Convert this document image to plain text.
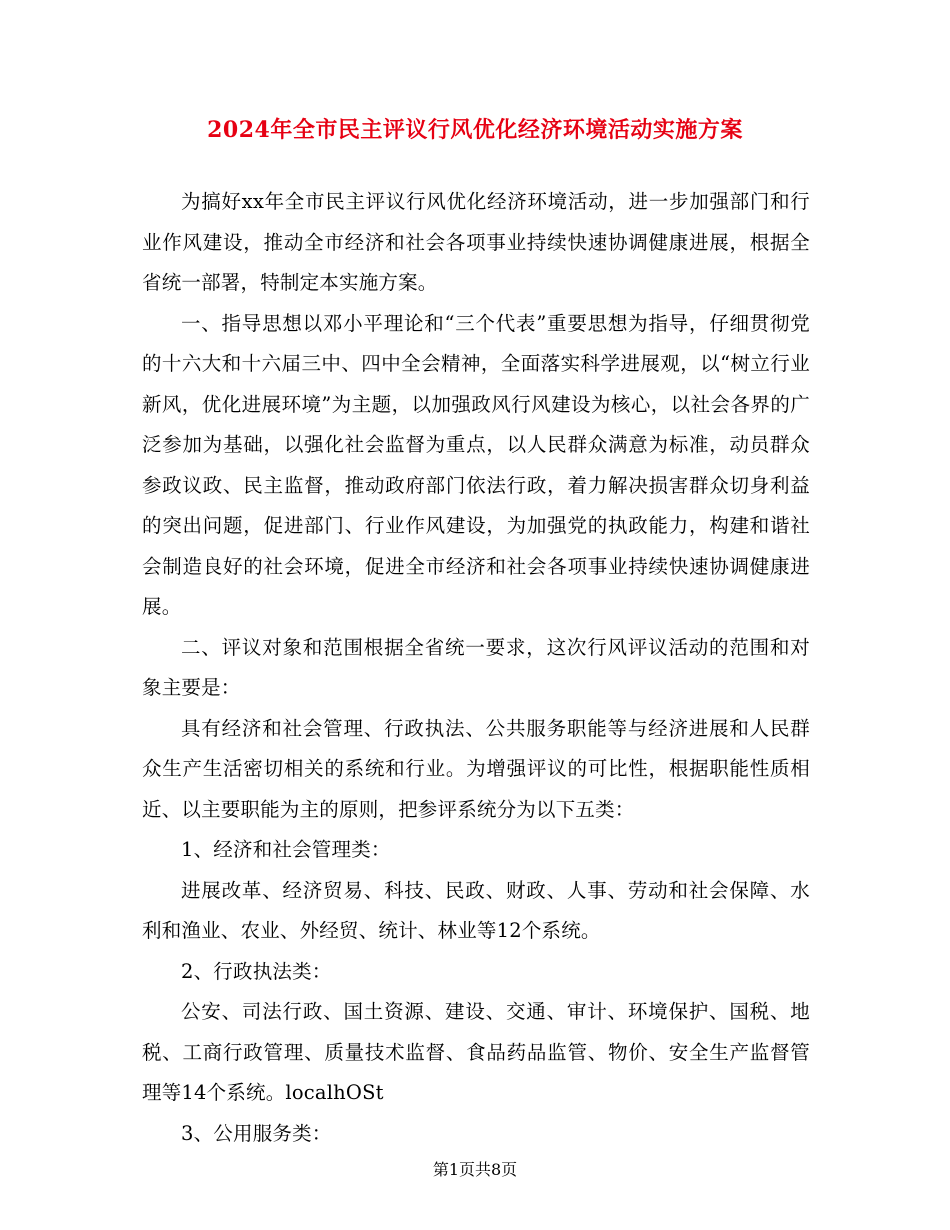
2024年全市民主评议行风优化经济环境活动实施方案

为搞好xx年全市民主评议行风优化经济环境活动，进一步加强部门和行业作风建设，推动全市经济和社会各项事业持续快速协调健康进展，根据全省统一部署，特制定本实施方案。

一、指导思想以邓小平理论和“三个代表”重要思想为指导，仔细贯彻党的十六大和十六届三中、四中全会精神，全面落实科学进展观，以“树立行业新风，优化进展环境”为主题，以加强政风行风建设为核心，以社会各界的广泛参加为基础，以强化社会监督为重点，以人民群众满意为标准，动员群众参政议政、民主监督，推动政府部门依法行政，着力解决损害群众切身利益的突出问题，促进部门、行业作风建设，为加强党的执政能力，构建和谐社会制造良好的社会环境，促进全市经济和社会各项事业持续快速协调健康进展。

二、评议对象和范围根据全省统一要求，这次行风评议活动的范围和对象主要是：

具有经济和社会管理、行政执法、公共服务职能等与经济进展和人民群众生产生活密切相关的系统和行业。为增强评议的可比性，根据职能性质相近、以主要职能为主的原则，把参评系统分为以下五类：

1、经济和社会管理类：

进展改革、经济贸易、科技、民政、财政、人事、劳动和社会保障、水利和渔业、农业、外经贸、统计、林业等12个系统。

2、行政执法类：

公安、司法行政、国土资源、建设、交通、审计、环境保护、国税、地税、工商行政管理、质量技术监督、食品药品监管、物价、安全生产监督管理等14个系统。localhOSt

3、公用服务类：

第1页共8页
